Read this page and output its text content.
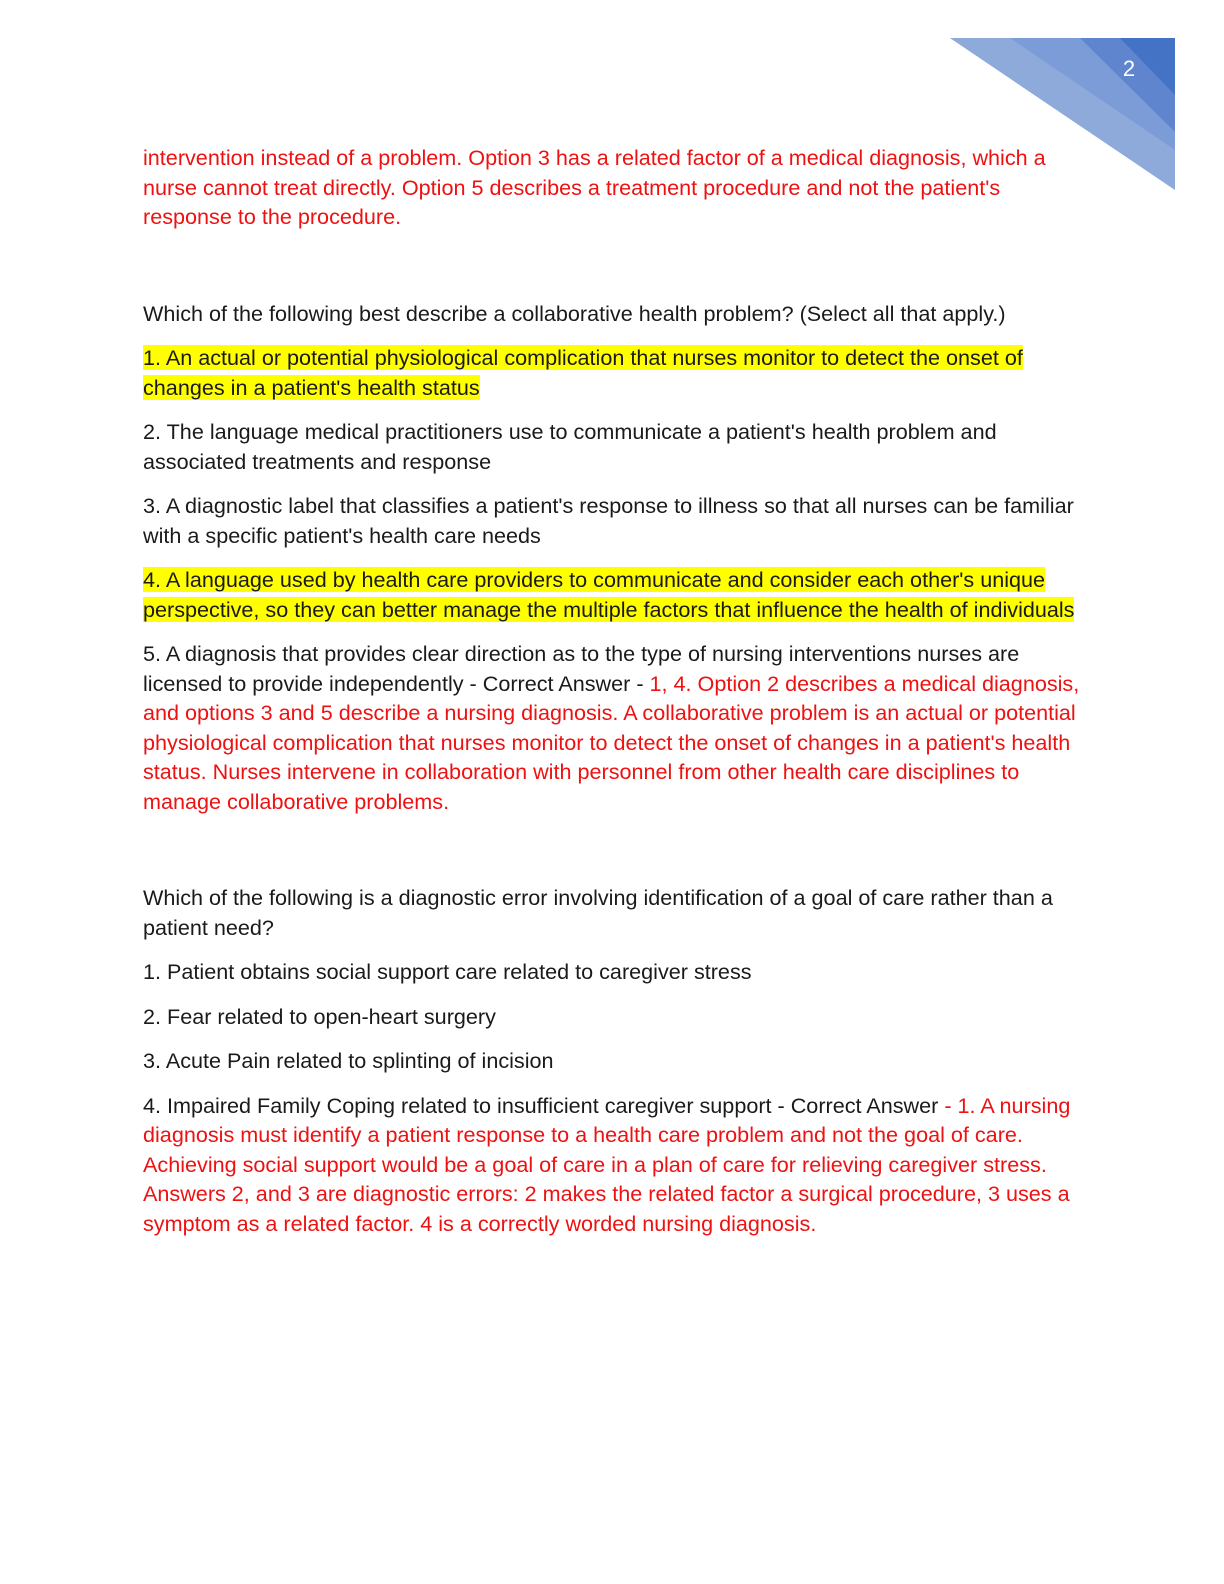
2

intervention instead of a problem. Option 3 has a related factor of a medical diagnosis, which a nurse cannot treat directly. Option 5 describes a treatment procedure and not the patient's response to the procedure.

Which of the following best describe a collaborative health problem? (Select all that apply.)

1. An actual or potential physiological complication that nurses monitor to detect the onset of changes in a patient's health status

2. The language medical practitioners use to communicate a patient's health problem and associated treatments and response

3. A diagnostic label that classifies a patient's response to illness so that all nurses can be familiar with a specific patient's health care needs

4. A language used by health care providers to communicate and consider each other's unique perspective, so they can better manage the multiple factors that influence the health of individuals

5. A diagnosis that provides clear direction as to the type of nursing interventions nurses are licensed to provide independently - Correct Answer - 1, 4. Option 2 describes a medical diagnosis, and options 3 and 5 describe a nursing diagnosis. A collaborative problem is an actual or potential physiological complication that nurses monitor to detect the onset of changes in a patient's health status. Nurses intervene in collaboration with personnel from other health care disciplines to manage collaborative problems.

Which of the following is a diagnostic error involving identification of a goal of care rather than a patient need?

1. Patient obtains social support care related to caregiver stress

2. Fear related to open-heart surgery

3. Acute Pain related to splinting of incision

4. Impaired Family Coping related to insufficient caregiver support - Correct Answer - 1. A nursing diagnosis must identify a patient response to a health care problem and not the goal of care. Achieving social support would be a goal of care in a plan of care for relieving caregiver stress. Answers 2, and 3 are diagnostic errors: 2 makes the related factor a surgical procedure, 3 uses a symptom as a related factor. 4 is a correctly worded nursing diagnosis.
